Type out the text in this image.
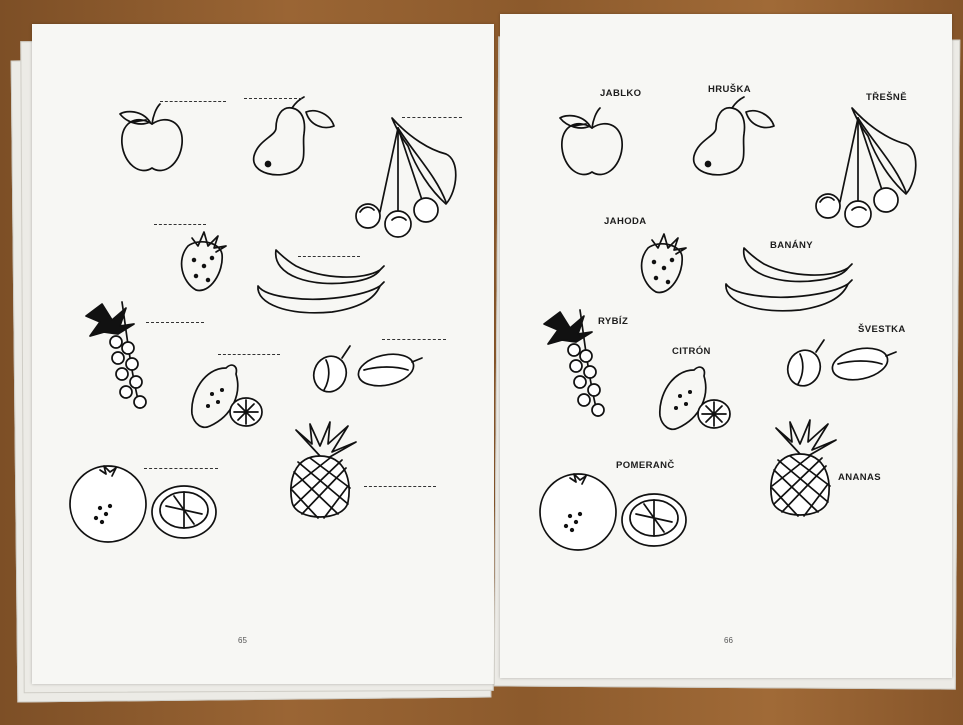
65
JABLKO	HRUŠKA
TŘEŠNĚ
JAHODA
BANÁNY
RYBÍZ
ŠVESTKA
CITRÓN
POMERANČ
ANANAS
66
